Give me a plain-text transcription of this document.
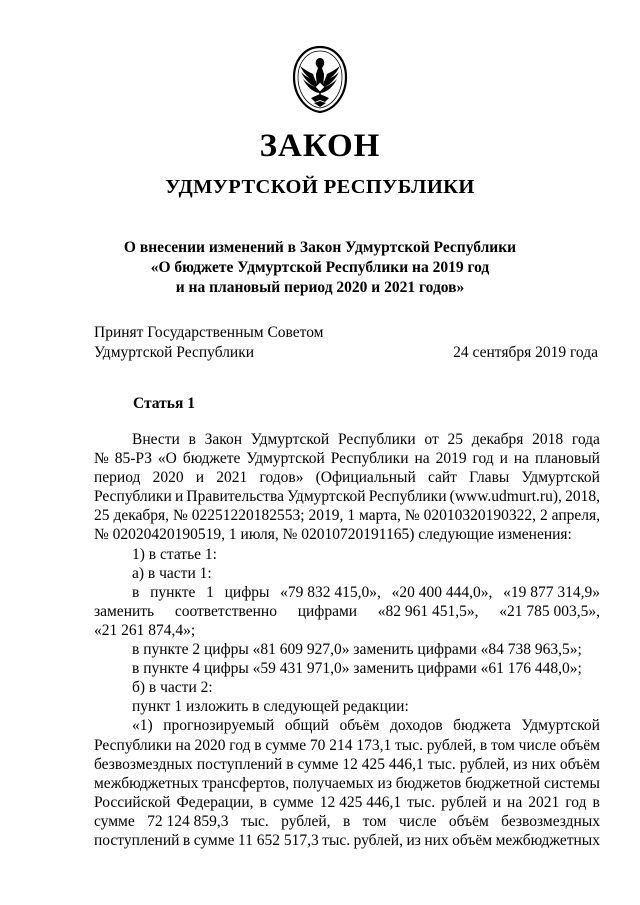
ЗАКОН
УДМУРТСКОЙ РЕСПУБЛИКИ
О внесении изменений в Закон Удмуртской Республики
«О бюджете Удмуртской Республики на 2019 год
и на плановый период 2020 и 2021 годов»
Принят Государственным Советом
Удмуртской Республики	24 сентября 2019 года
Статья 1
Внести в Закон Удмуртской Республики от 25 декабря 2018 года
№ 85-РЗ «О бюджете Удмуртской Республики на 2019 год и на плановый
период 2020 и 2021 годов» (Официальный сайт Главы Удмуртской
Республики и Правительства Удмуртской Республики (www.udmurt.ru), 2018,
25 декабря, № 02251220182553; 2019, 1 марта, № 02010320190322, 2 апреля,
№ 02020420190519, 1 июля, № 02010720191165) следующие изменения:
1) в статье 1:
а) в части 1:
в пункте 1 цифры «79 832 415,0», «20 400 444,0», «19 877 314,9»
заменить соответственно цифрами «82 961 451,5», «21 785 003,5»,
«21 261 874,4»;
в пункте 2 цифры «81 609 927,0» заменить цифрами «84 738 963,5»;
в пункте 4 цифры «59 431 971,0» заменить цифрами «61 176 448,0»;
б) в части 2:
пункт 1 изложить в следующей редакции:
«1) прогнозируемый общий объём доходов бюджета Удмуртской
Республики на 2020 год в сумме 70 214 173,1 тыс. рублей, в том числе объём
безвозмездных поступлений в сумме 12 425 446,1 тыс. рублей, из них объём
межбюджетных трансфертов, получаемых из бюджетов бюджетной системы
Российской Федерации, в сумме 12 425 446,1 тыс. рублей и на 2021 год в
сумме 72 124 859,3 тыс. рублей, в том числе объём безвозмездных
поступлений в сумме 11 652 517,3 тыс. рублей, из них объём межбюджетных
